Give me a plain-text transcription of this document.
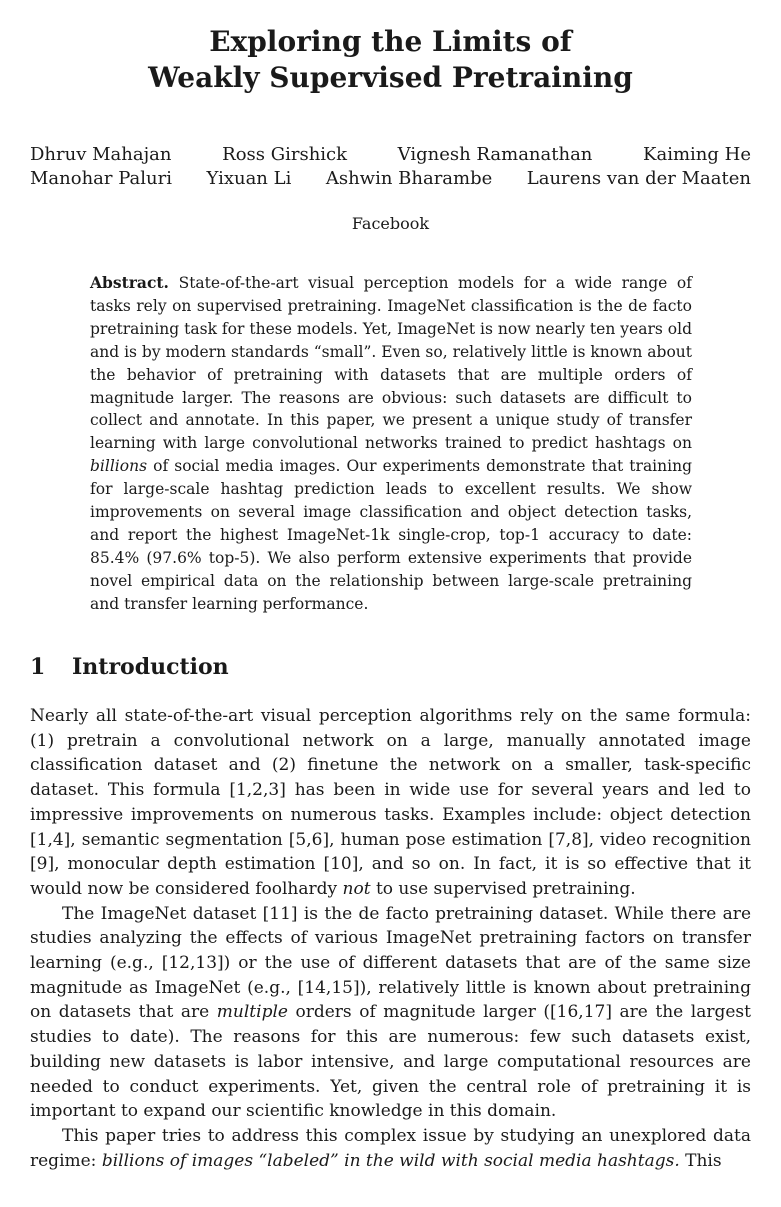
Exploring the Limits of
Weakly Supervised Pretraining
Dhruv Mahajan	Ross Girshick	Vignesh Ramanathan	Kaiming He
Manohar Paluri Yixuan Li Ashwin Bharambe Laurens van der Maaten
Facebook
Abstract. State-of-the-art visual perception models for a wide range of tasks rely on supervised pretraining. ImageNet classification is the de facto pretraining task for these models. Yet, ImageNet is now nearly ten years old and is by modern standards “small”. Even so, relatively little is known about the behavior of pretraining with datasets that are multiple orders of magnitude larger. The reasons are obvious: such datasets are difficult to collect and annotate. In this paper, we present a unique study of transfer learning with large convolutional networks trained to predict hashtags on billions of social media images. Our experiments demonstrate that training for large-scale hashtag prediction leads to excellent results. We show improvements on several image classification and object detection tasks, and report the highest ImageNet-1k single-crop, top-1 accuracy to date: 85.4% (97.6% top-5). We also perform extensive experiments that provide novel empirical data on the relationship between large-scale pretraining and transfer learning performance.
1 Introduction

Nearly all state-of-the-art visual perception algorithms rely on the same formula: (1) pretrain a convolutional network on a large, manually annotated image classification dataset and (2) finetune the network on a smaller, task-specific dataset. This formula [1,2,3] has been in wide use for several years and led to impressive improvements on numerous tasks. Examples include: object detection [1,4], semantic segmentation [5,6], human pose estimation [7,8], video recognition [9], monocular depth estimation [10], and so on. In fact, it is so effective that it would now be considered foolhardy not to use supervised pretraining.

The ImageNet dataset [11] is the de facto pretraining dataset. While there are studies analyzing the effects of various ImageNet pretraining factors on transfer learning (e.g., [12,13]) or the use of different datasets that are of the same size magnitude as ImageNet (e.g., [14,15]), relatively little is known about pretraining on datasets that are multiple orders of magnitude larger ([16,17] are the largest studies to date). The reasons for this are numerous: few such datasets exist, building new datasets is labor intensive, and large computational resources are needed to conduct experiments. Yet, given the central role of pretraining it is important to expand our scientific knowledge in this domain.

This paper tries to address this complex issue by studying an unexplored data regime: billions of images “labeled” in the wild with social media hashtags. This
